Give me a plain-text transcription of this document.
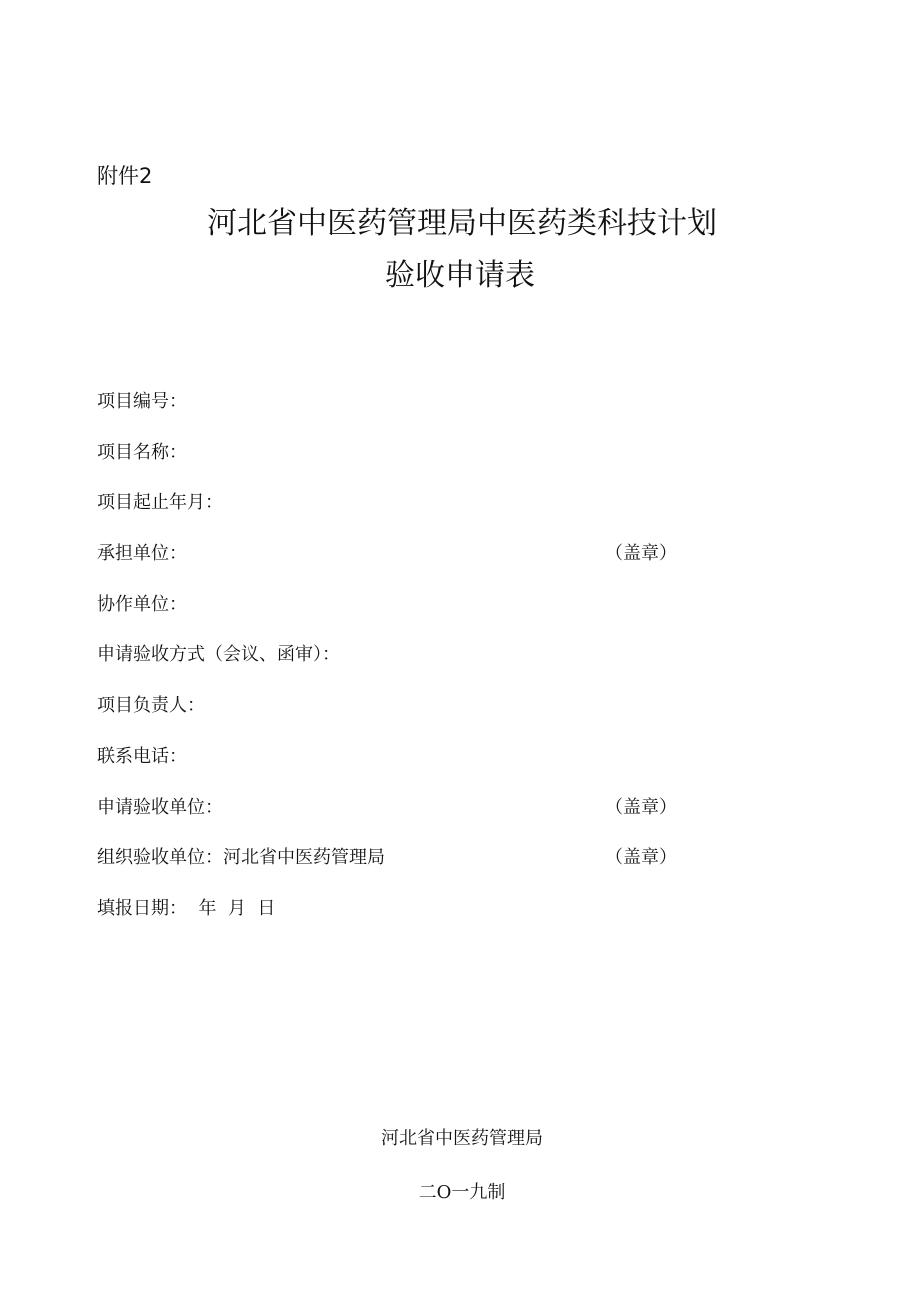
附件2
河北省中医药管理局中医药类科技计划
验收申请表
项目编号：
项目名称：
项目起止年月：
承担单位：	（盖章）
协作单位：
申请验收方式（会议、函审）：
项目负责人：
联系电话：
申请验收单位：	（盖章）
组织验收单位：河北省中医药管理局	（盖章）
填报日期：  年  月  日
河北省中医药管理局
二O一九制
